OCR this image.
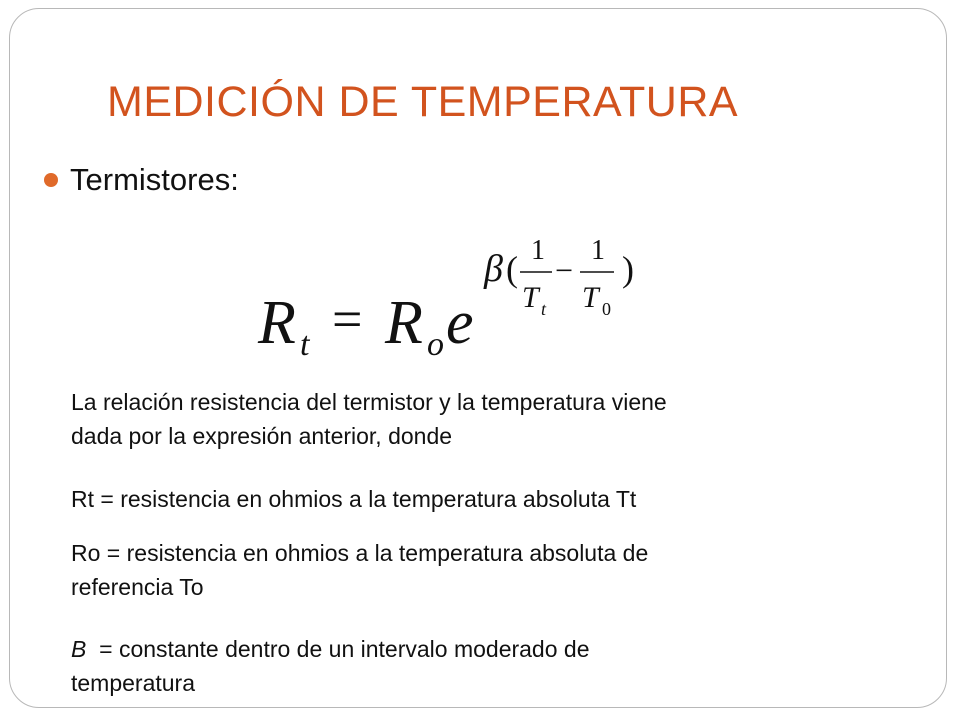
MEDICIÓN DE TEMPERATURA
Termistores:
R t = R o e
β ( 1
T t
−
1
T 0
)
La relación resistencia del termistor y la temperatura viene
dada por la expresión anterior, donde
Rt = resistencia en ohmios a la temperatura absoluta Tt
Ro = resistencia en ohmios a la temperatura absoluta de
referencia To
B  = constante dentro de un intervalo moderado de
temperatura
